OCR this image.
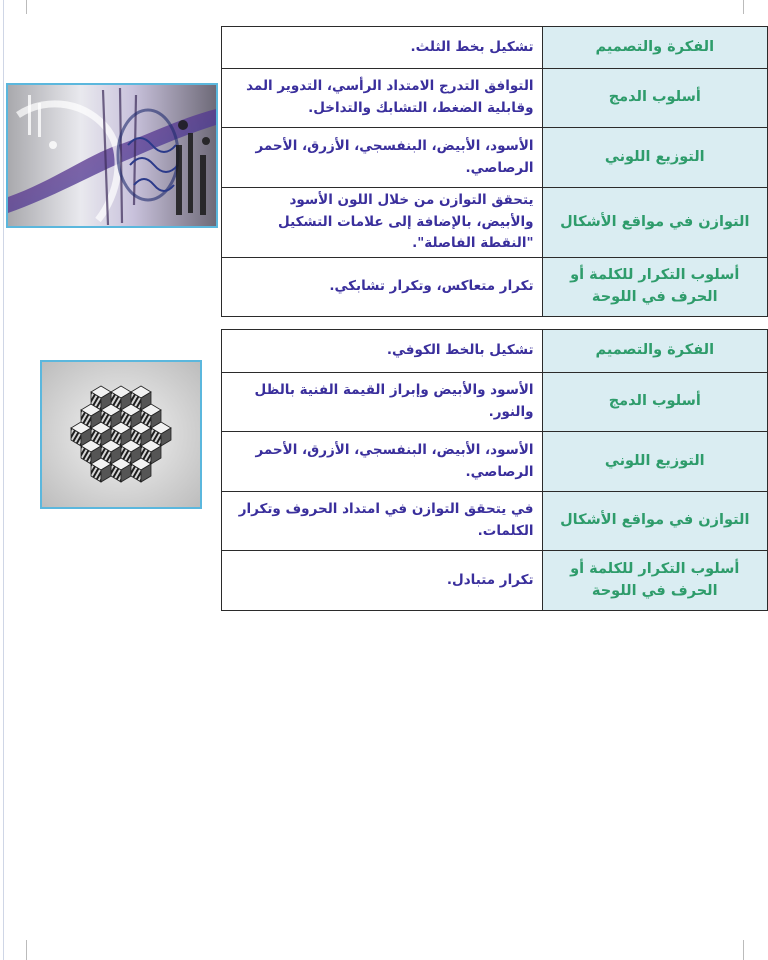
الفكرة والتصميم	تشكيل بخط الثلث.
أسلوب الدمج	التوافق التدرج الامتداد الرأسي، التدوير المد وقابلية الضغط، التشابك والتداخل.
التوزيع اللوني	الأسود، الأبيض، البنفسجي، الأزرق، الأحمر الرصاصي.
التوازن في مواقع الأشكال	يتحقق التوازن من خلال اللون الأسود والأبيض، بالإضافة إلى علامات التشكيل "النقطة الفاصلة".
أسلوب التكرار للكلمة أو الحرف في اللوحة	تكرار متعاكس، وتكرار تشابكي.
الفكرة والتصميم	تشكيل بالخط الكوفي.
أسلوب الدمج	الأسود والأبيض وإبراز القيمة الفنية بالظل والنور.
التوزيع اللوني	الأسود، الأبيض، البنفسجي، الأزرق، الأحمر الرصاصي.
التوازن في مواقع الأشكال	في يتحقق التوازن في امتداد الحروف وتكرار الكلمات.
أسلوب التكرار للكلمة أو الحرف في اللوحة	تكرار متبادل.
